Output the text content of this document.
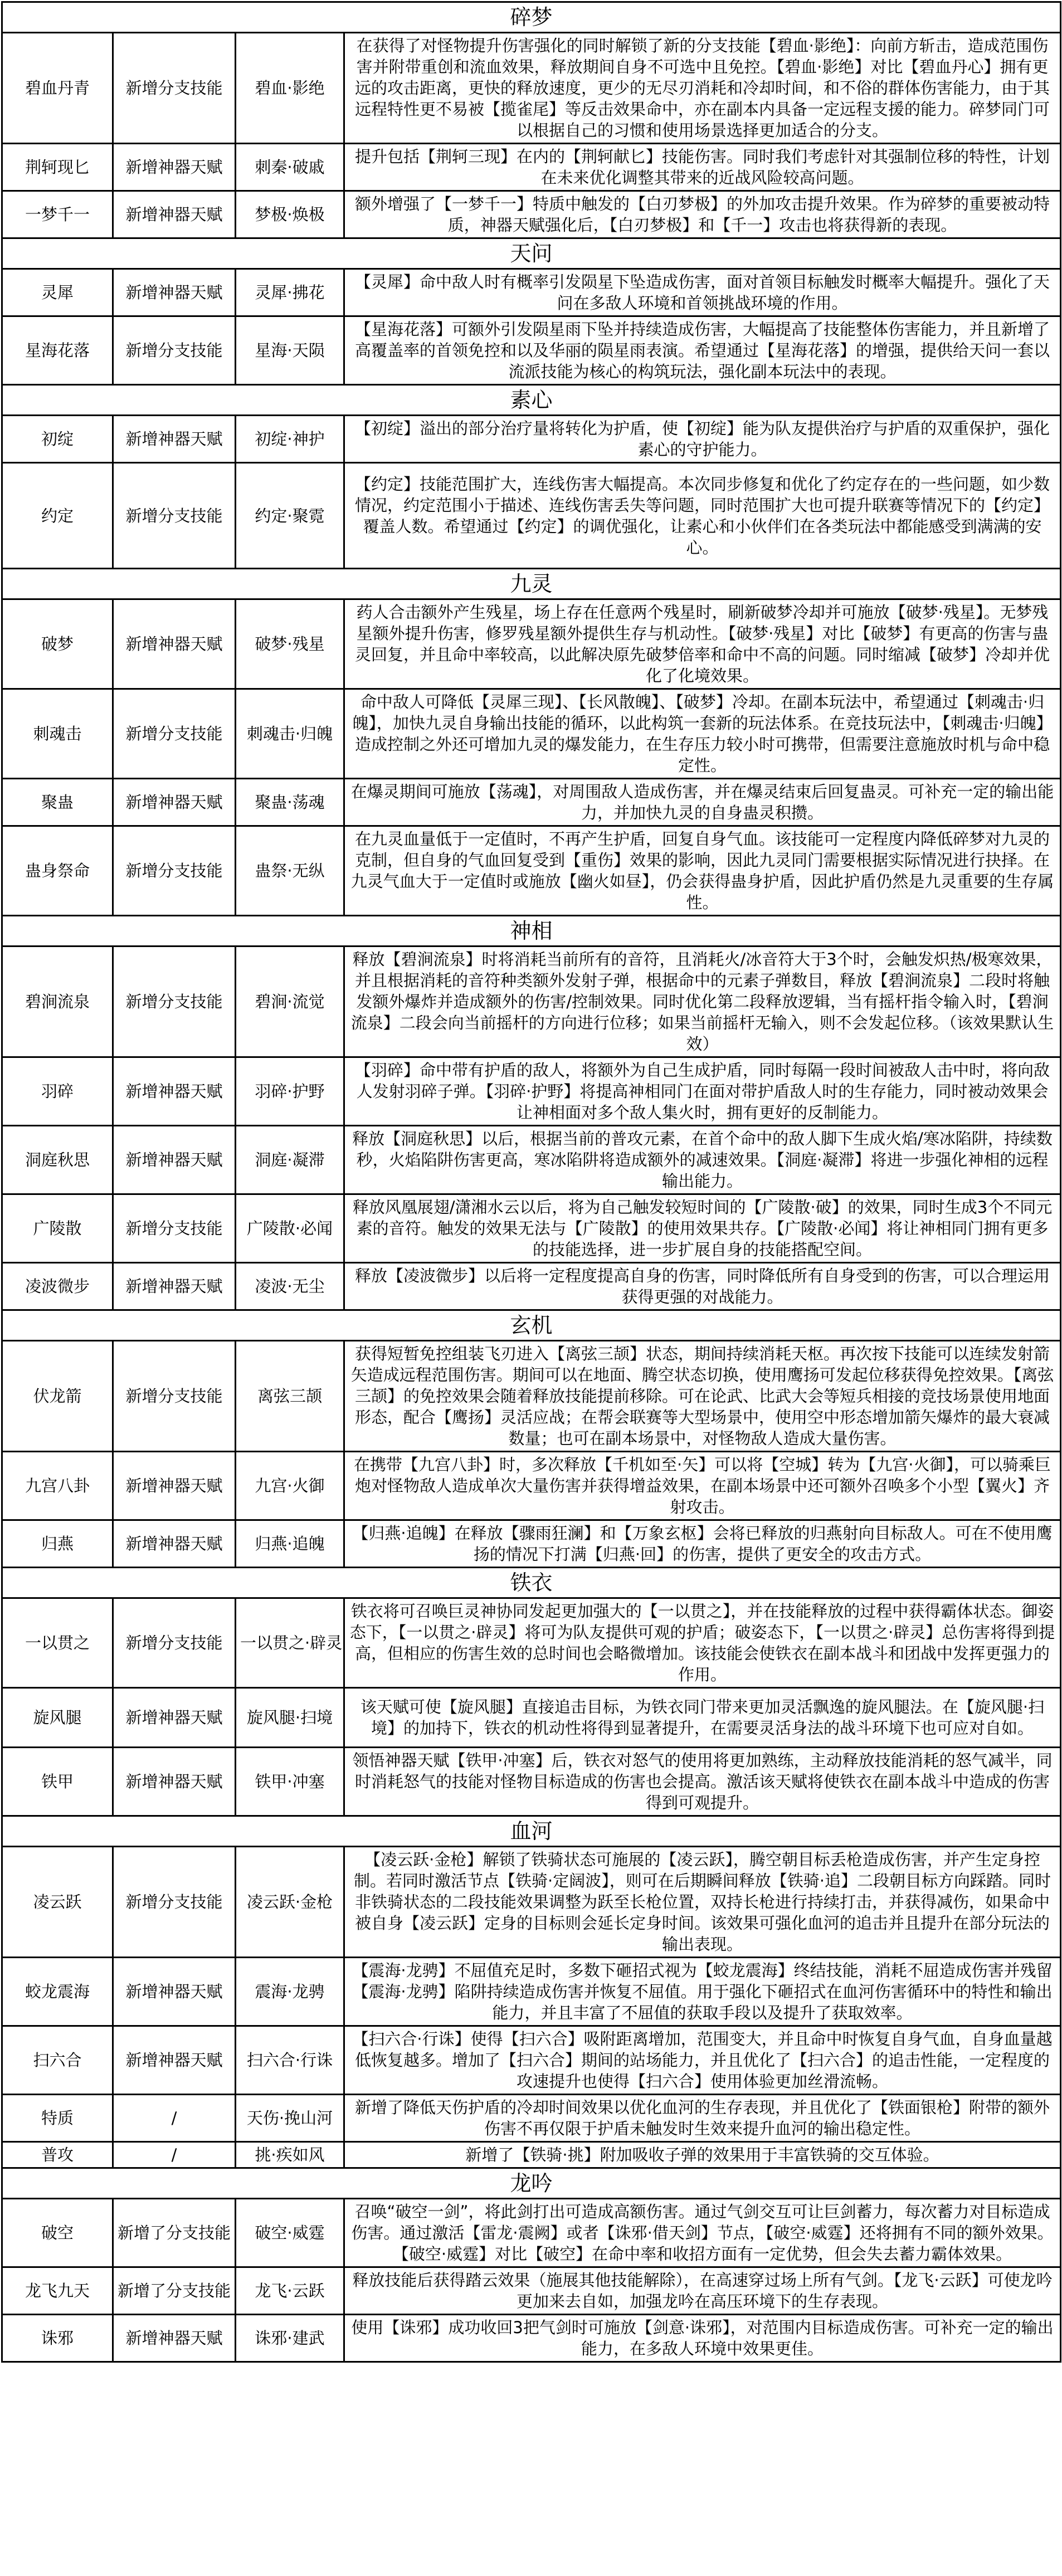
碎梦			
碧血丹青	新增分支技能	碧血·影绝	在获得了对怪物提升伤害强化的同时解锁了新的分支技能【碧血·影绝】：向前方斩击，造成范围伤害并附带重创和流血效果，释放期间自身不可选中且免控。【碧血·影绝】对比【碧血丹心】拥有更远的攻击距离，更快的释放速度，更少的无尽刃消耗和冷却时间，和不俗的群体伤害能力，由于其远程特性更不易被【揽雀尾】等反击效果命中，亦在副本内具备一定远程支援的能力。碎梦同门可以根据自己的习惯和使用场景选择更加适合的分支。
荆轲现匕	新增神器天赋	刺秦·破戚	提升包括【荆轲三现】在内的【荆轲献匕】技能伤害。同时我们考虑针对其强制位移的特性，计划在未来优化调整其带来的近战风险较高问题。
一梦千一	新增神器天赋	梦极·焕极	额外增强了【一梦千一】特质中触发的【白刃梦极】的外加攻击提升效果。作为碎梦的重要被动特质，神器天赋强化后，【白刃梦极】和【千一】攻击也将获得新的表现。
天问			
灵犀	新增神器天赋	灵犀·拂花	【灵犀】命中敌人时有概率引发陨星下坠造成伤害，面对首领目标触发时概率大幅提升。强化了天问在多敌人环境和首领挑战环境的作用。
星海花落	新增分支技能	星海·天陨	【星海花落】可额外引发陨星雨下坠并持续造成伤害，大幅提高了技能整体伤害能力，并且新增了高覆盖率的首领免控和以及华丽的陨星雨表演。希望通过【星海花落】的增强，提供给天问一套以流派技能为核心的构筑玩法，强化副本玩法中的表现。
素心			
初绽	新增神器天赋	初绽·神护	【初绽】溢出的部分治疗量将转化为护盾，使【初绽】能为队友提供治疗与护盾的双重保护，强化素心的守护能力。
约定	新增分支技能	约定·聚霓	【约定】技能范围扩大，连线伤害大幅提高。本次同步修复和优化了约定存在的一些问题，如少数情况，约定范围小于描述、连线伤害丢失等问题，同时范围扩大也可提升联赛等情况下的【约定】覆盖人数。希望通过【约定】的调优强化，让素心和小伙伴们在各类玩法中都能感受到满满的安心。
九灵			
破梦	新增神器天赋	破梦·残星	药人合击额外产生残星，场上存在任意两个残星时，刷新破梦冷却并可施放【破梦·残星】。无梦残星额外提升伤害，修罗残星额外提供生存与机动性。【破梦·残星】对比【破梦】有更高的伤害与蛊灵回复，并且命中率较高，以此解决原先破梦倍率和命中不高的问题。同时缩减【破梦】冷却并优化了化境效果。
刺魂击	新增分支技能	刺魂击·归魄	命中敌人可降低【灵犀三现】、【长风散魄】、【破梦】冷却。在副本玩法中，希望通过【刺魂击·归魄】，加快九灵自身输出技能的循环，以此构筑一套新的玩法体系。在竞技玩法中，【刺魂击·归魄】造成控制之外还可增加九灵的爆发能力，在生存压力较小时可携带，但需要注意施放时机与命中稳定性。
聚蛊	新增神器天赋	聚蛊·荡魂	在爆灵期间可施放【荡魂】，对周围敌人造成伤害，并在爆灵结束后回复蛊灵。可补充一定的输出能力，并加快九灵的自身蛊灵积攒。
蛊身祭命	新增分支技能	蛊祭·无纵	在九灵血量低于一定值时，不再产生护盾，回复自身气血。该技能可一定程度内降低碎梦对九灵的克制，但自身的气血回复受到【重伤】效果的影响，因此九灵同门需要根据实际情况进行抉择。在九灵气血大于一定值时或施放【幽火如昼】，仍会获得蛊身护盾，因此护盾仍然是九灵重要的生存属性。
神相			
碧涧流泉	新增分支技能	碧涧·流觉	释放【碧涧流泉】时将消耗当前所有的音符，且消耗火/冰音符大于3个时，会触发炽热/极寒效果，并且根据消耗的音符种类额外发射子弹，根据命中的元素子弹数目，释放【碧涧流泉】二段时将触发额外爆炸并造成额外的伤害/控制效果。同时优化第二段释放逻辑，当有摇杆指令输入时，【碧涧流泉】二段会向当前摇杆的方向进行位移；如果当前摇杆无输入，则不会发起位移。（该效果默认生效）
羽碎	新增神器天赋	羽碎·护野	【羽碎】命中带有护盾的敌人，将额外为自己生成护盾，同时每隔一段时间被敌人击中时，将向敌人发射羽碎子弹。【羽碎·护野】将提高神相同门在面对带护盾敌人时的生存能力，同时被动效果会让神相面对多个敌人集火时，拥有更好的反制能力。
洞庭秋思	新增神器天赋	洞庭·凝滞	释放【洞庭秋思】以后，根据当前的普攻元素，在首个命中的敌人脚下生成火焰/寒冰陷阱，持续数秒，火焰陷阱伤害更高，寒冰陷阱将造成额外的减速效果。【洞庭·凝滞】将进一步强化神相的远程输出能力。
广陵散	新增分支技能	广陵散·必闻	释放风凰展翅/潇湘水云以后，将为自己触发较短时间的【广陵散·破】的效果，同时生成3个不同元素的音符。触发的效果无法与【广陵散】的使用效果共存。【广陵散·必闻】将让神相同门拥有更多的技能选择，进一步扩展自身的技能搭配空间。
凌波微步	新增神器天赋	凌波·无尘	释放【凌波微步】以后将一定程度提高自身的伤害，同时降低所有自身受到的伤害，可以合理运用获得更强的对战能力。
玄机			
伏龙箭	新增分支技能	离弦三颉	获得短暂免控组装飞刃进入【离弦三颉】状态，期间持续消耗天枢。再次按下技能可以连续发射箭矢造成远程范围伤害。期间可以在地面、腾空状态切换，使用鹰扬可发起位移获得免控效果。【离弦三颉】的免控效果会随着释放技能提前移除。可在论武、比武大会等短兵相接的竞技场景使用地面形态，配合【鹰扬】灵活应战；在帮会联赛等大型场景中，使用空中形态增加箭矢爆炸的最大衰减数量；也可在副本场景中，对怪物敌人造成大量伤害。
九宫八卦	新增神器天赋	九宫·火御	在携带【九宫八卦】时，多次释放【千机如至·矢】可以将【空城】转为【九宫·火御】，可以骑乘巨炮对怪物敌人造成单次大量伤害并获得增益效果，在副本场景中还可额外召唤多个小型【翼火】齐射攻击。
归燕	新增神器天赋	归燕·追魄	【归燕·追魄】在释放【骤雨狂澜】和【万象玄枢】会将已释放的归燕射向目标敌人。可在不使用鹰扬的情况下打满【归燕·回】的伤害，提供了更安全的攻击方式。
铁衣			
一以贯之	新增分支技能	一以贯之·辟灵	铁衣将可召唤巨灵神协同发起更加强大的【一以贯之】，并在技能释放的过程中获得霸体状态。御姿态下，【一以贯之·辟灵】将可为队友提供可观的护盾；破姿态下，【一以贯之·辟灵】总伤害将得到提高，但相应的伤害生效的总时间也会略微增加。该技能会使铁衣在副本战斗和团战中发挥更强力的作用。
旋风腿	新增神器天赋	旋风腿·扫境	该天赋可使【旋风腿】直接追击目标，为铁衣同门带来更加灵活飘逸的旋风腿法。在【旋风腿·扫境】的加持下，铁衣的机动性将得到显著提升，在需要灵活身法的战斗环境下也可应对自如。
铁甲	新增神器天赋	铁甲·冲塞	领悟神器天赋【铁甲·冲塞】后，铁衣对怒气的使用将更加熟练，主动释放技能消耗的怒气减半，同时消耗怒气的技能对怪物目标造成的伤害也会提高。激活该天赋将使铁衣在副本战斗中造成的伤害得到可观提升。
血河			
凌云跃	新增分支技能	凌云跃·金枪	【凌云跃·金枪】解锁了铁骑状态可施展的【凌云跃】，腾空朝目标丢枪造成伤害，并产生定身控制。若同时激活节点【铁骑·定阔波】，则可在后期瞬间释放【铁骑·追】二段朝目标方向踩踏。同时非铁骑状态的二段技能效果调整为跃至长枪位置，双持长枪进行持续打击，并获得减伤，如果命中被自身【凌云跃】定身的目标则会延长定身时间。该效果可强化血河的追击并且提升在部分玩法的输出表现。
蛟龙震海	新增神器天赋	震海·龙骋	【震海·龙骋】不屈值充足时，多数下砸招式视为【蛟龙震海】终结技能，消耗不屈造成伤害并残留【震海·龙骋】陷阱持续造成伤害并恢复不屈值。用于强化下砸招式在血河伤害循环中的特性和输出能力，并且丰富了不屈值的获取手段以及提升了获取效率。
扫六合	新增神器天赋	扫六合·行诛	【扫六合·行诛】使得【扫六合】吸附距离增加，范围变大，并且命中时恢复自身气血，自身血量越低恢复越多。增加了【扫六合】期间的站场能力，并且优化了【扫六合】的追击性能，一定程度的攻速提升也使得【扫六合】使用体验更加丝滑流畅。
特质	/	天伤·挽山河	新增了降低天伤护盾的冷却时间效果以优化血河的生存表现，并且优化了【铁面银枪】附带的额外伤害不再仅限于护盾未触发时生效来提升血河的输出稳定性。
普攻	/	挑·疾如风	新增了【铁骑·挑】附加吸收子弹的效果用于丰富铁骑的交互体验。
龙吟			
破空	新增了分支技能	破空·威霆	召唤“破空一剑”，将此剑打出可造成高额伤害。通过气剑交互可让巨剑蓄力，每次蓄力对目标造成伤害。通过激活【雷龙·震阙】或者【诛邪·借天剑】节点，【破空·威霆】还将拥有不同的额外效果。【破空·威霆】对比【破空】在命中率和收招方面有一定优势，但会失去蓄力霸体效果。
龙飞九天	新增了分支技能	龙飞·云跃	释放技能后获得踏云效果（施展其他技能解除），在高速穿过场上所有气剑。【龙飞·云跃】可使龙吟更加来去自如，加强龙吟在高压环境下的生存表现。
诛邪	新增神器天赋	诛邪·建武	使用【诛邪】成功收回3把气剑时可施放【剑意·诛邪】，对范围内目标造成伤害。可补充一定的输出能力，在多敌人环境中效果更佳。
